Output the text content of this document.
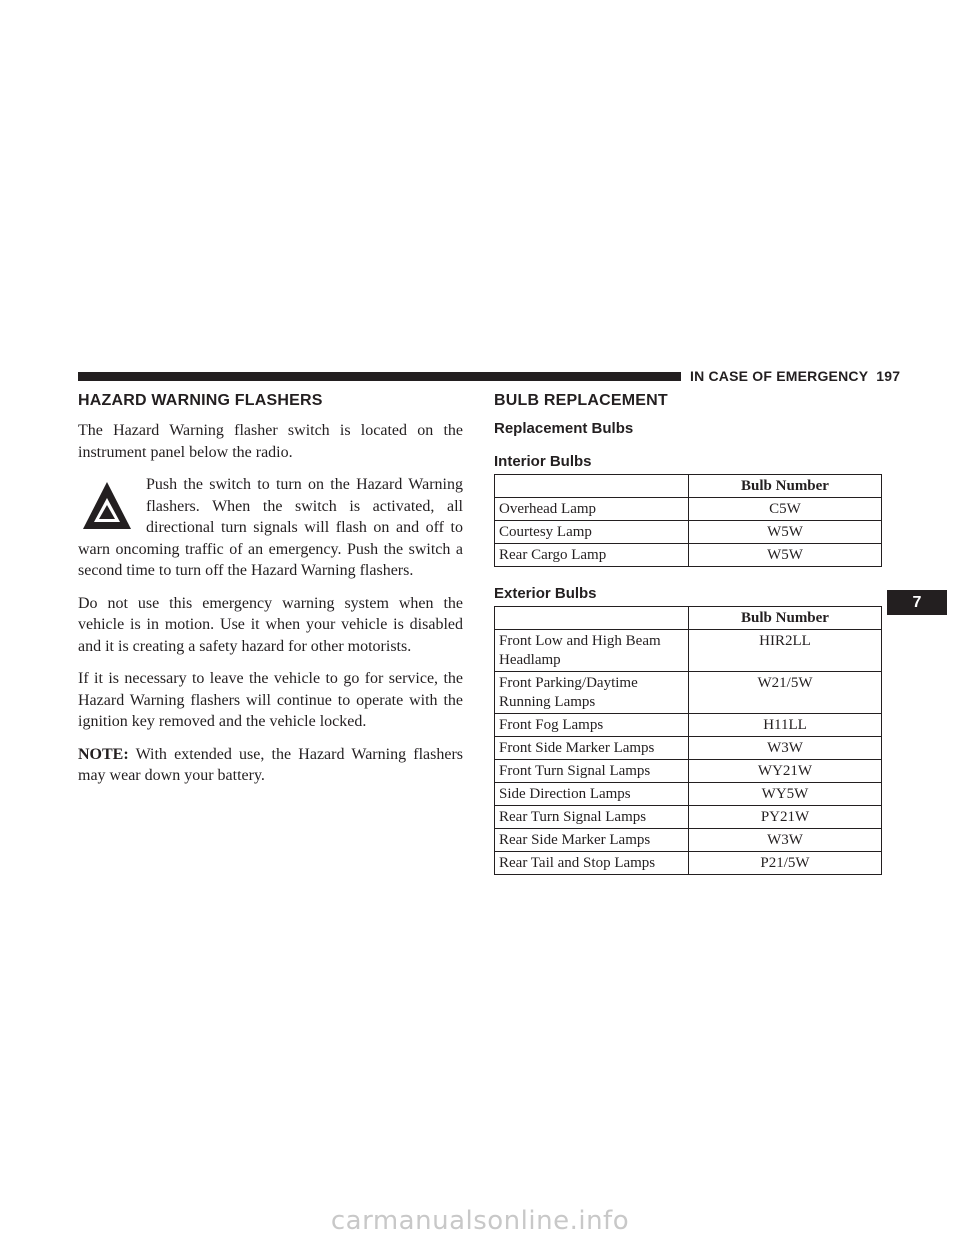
IN CASE OF EMERGENCY 197
HAZARD WARNING FLASHERS

The Hazard Warning flasher switch is located on the instrument panel below the radio.

Push the switch to turn on the Hazard Warning flashers. When the switch is activated, all directional turn signals will flash on and off to warn oncoming traffic of an emergency. Push the switch a second time to turn off the Hazard Warning flashers.

Do not use this emergency warning system when the vehicle is in motion. Use it when your vehicle is disabled and it is creating a safety hazard for other motorists.

If it is necessary to leave the vehicle to go for service, the Hazard Warning flashers will continue to operate with the ignition key removed and the vehicle locked.

NOTE: With extended use, the Hazard Warning flashers may wear down your battery.

BULB REPLACEMENT
Replacement Bulbs
Interior Bulbs
	Bulb Number
Overhead Lamp	C5W
Courtesy Lamp	W5W
Rear Cargo Lamp	W5W
Exterior Bulbs
	Bulb Number
Front Low and High Beam Headlamp	HIR2LL
Front Parking/Daytime Running Lamps	W21/5W
Front Fog Lamps	H11LL
Front Side Marker Lamps	W3W
Front Turn Signal Lamps	WY21W
Side Direction Lamps	WY5W
Rear Turn Signal Lamps	PY21W
Rear Side Marker Lamps	W3W
Rear Tail and Stop Lamps	P21/5W
7
carmanualsonline.info
